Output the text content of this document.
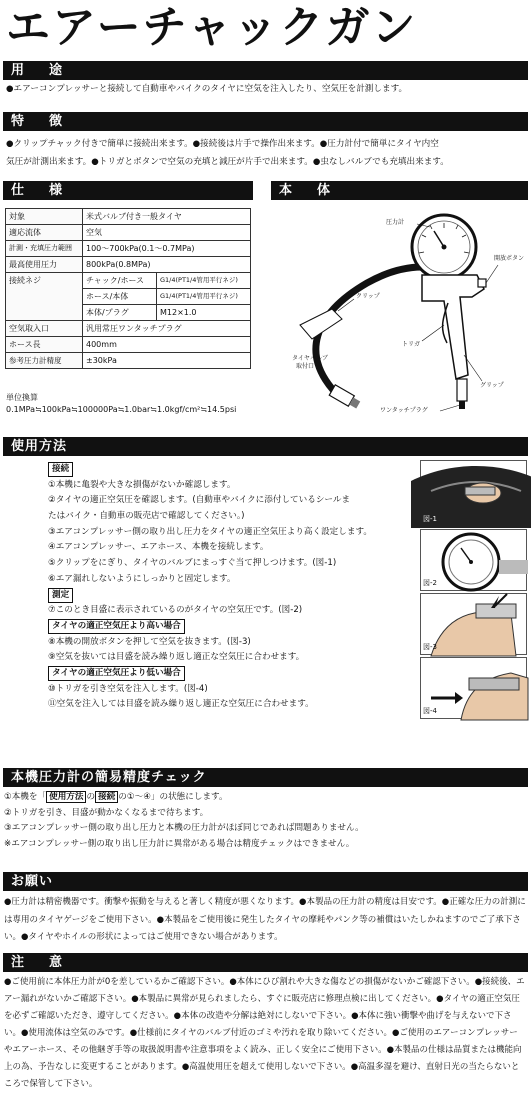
エアーチャックガン
用　途
●エアーコンプレッサーと接続して自動車やバイクのタイヤに空気を注入したり、空気圧を計測します。
特　徴
●クリップチャック付きで簡単に接続出来ます。●接続後は片手で操作出来ます。●圧力計付で簡単にタイヤ内空
気圧が計測出来ます。●トリガとボタンで空気の充填と減圧が片手で出来ます。●虫なしバルブでも充填出来ます。
仕　様	本　体
対象	米式バルブ付き一般タイヤ	
適応流体	空気	
計測・充填圧力範囲	100〜700kPa(0.1〜0.7MPa)	
最高使用圧力	800kPa(0.8MPa)	
接続ネジ	チャック/ホース	G1/4(PT1/4管用平行ネジ)
	ホース/本体	G1/4(PT1/4管用平行ネジ)
	本体/プラグ	M12×1.0
空気取入口	汎用常圧ワンタッチプラグ	
ホース長	400mm	
参考圧力計精度	±30kPa	
単位換算
0.1MPa≒100kPa≒100000Pa≒1.0bar≒1.0kgf/cm²≒14.5psi
圧力計
開放ボタン
クリップ
タイヤバルブ
取付口
トリガ
グリップ
ワンタッチプラグ
使用方法
接続
①本機に亀裂や大きな損傷がないか確認します。
②タイヤの適正空気圧を確認します。(自動車やバイクに添付しているシールま
たはバイク・自動車の販売店で確認してください。)
③エアコンプレッサー側の取り出し圧力をタイヤの適正空気圧より高く設定します。
④エアコンプレッサー、エアホース、本機を接続します。
⑤クリップをにぎり、タイヤのバルブにまっすぐ当て押しつけます。(図-1)
⑥エア漏れしないようにしっかりと固定します。
測定
⑦このとき目盛に表示されているのがタイヤの空気圧です。(図-2)
タイヤの適正空気圧より高い場合
⑧本機の開放ボタンを押して空気を抜きます。(図-3)
⑨空気を抜いては目盛を読み繰り返し適正な空気圧に合わせます。
タイヤの適正空気圧より低い場合
⑩トリガを引き空気を注入します。(図-4)
⑪空気を注入しては目盛を読み繰り返し適正な空気圧に合わせます。
図-1
図-2
図-3
図-4
本機圧力計の簡易精度チェック
①本機を「 使用方法 の 接続 の①〜④」の状態にします。
②トリガを引き、目盛が動かなくなるまで待ちます。
③エアコンプレッサー側の取り出し圧力と本機の圧力計がほぼ同じであれば問題ありません。
※エアコンプレッサー側の取り出し圧力計に異常がある場合は精度チェックはできません。
お願い
●圧力計は精密機器です。衝撃や振動を与えると著しく精度が悪くなります。●本製品の圧力計の精度は目安です。●正確な圧力の計測には専用のタイヤゲージをご使用下さい。●本製品をご使用後に発生したタイヤの摩耗やパンク等の補償はいたしかねますのでご了承下さい。●タイヤやホイルの形状によってはご使用できない場合があります。
注　意
●ご使用前に本体圧力計が0を差しているかご確認下さい。●本体にひび割れや大きな傷などの損傷がないかご確認下さい。●接続後、エアー漏れがないかご確認下さい。●本製品に異常が見られましたら、すぐに販売店に修理点検に出してください。●タイヤの適正空気圧を必ずご確認いただき、遵守してください。●本体の改造や分解は絶対にしないで下さい。●本体に強い衝撃や曲げを与えないで下さい。●使用流体は空気のみです。●仕様前にタイヤのバルブ付近のゴミや汚れを取り除いてください。●ご使用のエアーコンプレッサーやエアーホース、その他継ぎ手等の取扱説明書や注意事項をよく読み、正しく安全にご使用下さい。●本製品の仕様は品質または機能向上の為、予告なしに変更することがあります。●高温使用圧を超えて使用しないで下さい。●高温多湿を避け、直射日光の当たらないところで保管して下さい。
